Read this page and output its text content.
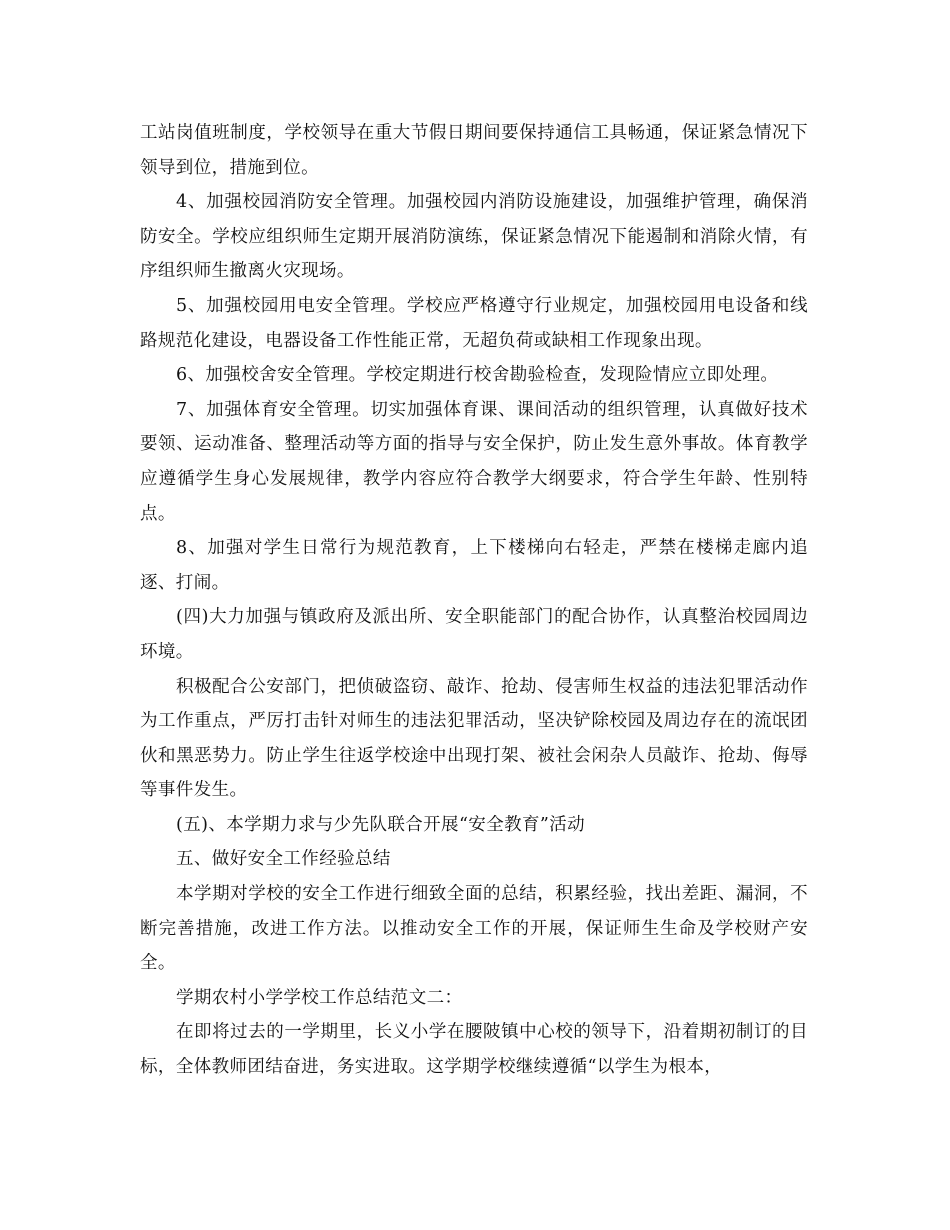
工站岗值班制度，学校领导在重大节假日期间要保持通信工具畅通，保证紧急情况下领导到位，措施到位。

4、加强校园消防安全管理。加强校园内消防设施建设，加强维护管理，确保消防安全。学校应组织师生定期开展消防演练，保证紧急情况下能遏制和消除火情，有序组织师生撤离火灾现场。

5、加强校园用电安全管理。学校应严格遵守行业规定，加强校园用电设备和线路规范化建设，电器设备工作性能正常，无超负荷或缺相工作现象出现。

6、加强校舍安全管理。学校定期进行校舍勘验检查，发现险情应立即处理。

7、加强体育安全管理。切实加强体育课、课间活动的组织管理，认真做好技术要领、运动准备、整理活动等方面的指导与安全保护，防止发生意外事故。体育教学应遵循学生身心发展规律，教学内容应符合教学大纲要求，符合学生年龄、性别特点。

8、加强对学生日常行为规范教育，上下楼梯向右轻走，严禁在楼梯走廊内追逐、打闹。

(四)大力加强与镇政府及派出所、安全职能部门的配合协作，认真整治校园周边环境。

积极配合公安部门，把侦破盗窃、敲诈、抢劫、侵害师生权益的违法犯罪活动作为工作重点，严厉打击针对师生的违法犯罪活动，坚决铲除校园及周边存在的流氓团伙和黑恶势力。防止学生往返学校途中出现打架、被社会闲杂人员敲诈、抢劫、侮辱等事件发生。

(五)、本学期力求与少先队联合开展“安全教育”活动

五、做好安全工作经验总结

本学期对学校的安全工作进行细致全面的总结，积累经验，找出差距、漏洞，不断完善措施，改进工作方法。以推动安全工作的开展，保证师生生命及学校财产安全。

学期农村小学学校工作总结范文二：

在即将过去的一学期里，长义小学在腰陂镇中心校的领导下，沿着期初制订的目标，全体教师团结奋进，务实进取。这学期学校继续遵循“以学生为根本，
